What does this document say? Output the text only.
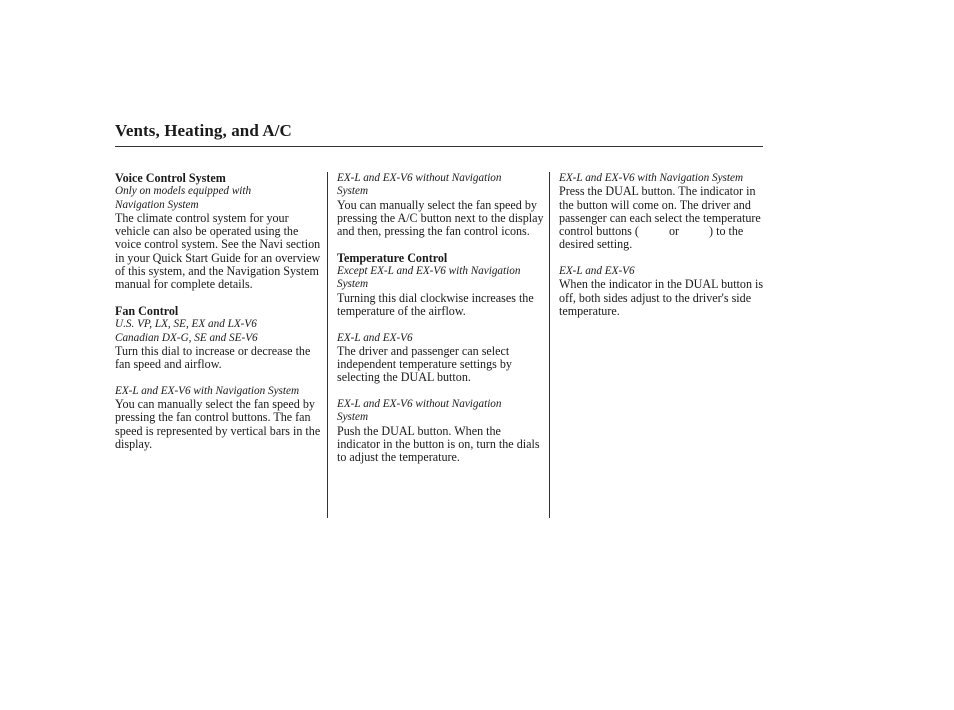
Vents, Heating, and A/C
Voice Control System
Only on models equipped with
Navigation System
The climate control system for your vehicle can also be operated using the voice control system. See the Navi section in your Quick Start Guide for an overview of this system, and the Navigation System manual for complete details.
Fan Control
U.S. VP, LX, SE, EX and LX-V6
Canadian DX-G, SE and SE-V6
Turn this dial to increase or decrease the fan speed and airflow.
EX-L and EX-V6 with Navigation System
You can manually select the fan speed by pressing the fan control buttons. The fan speed is represented by vertical bars in the display.
EX-L and EX-V6 without Navigation
System
You can manually select the fan speed by pressing the A/C button next to the display and then, pressing the fan control icons.
Temperature Control
Except EX-L and EX-V6 with Navigation
System
Turning this dial clockwise increases the temperature of the airflow.
EX-L and EX-V6
The driver and passenger can select independent temperature settings by selecting the DUAL button.
EX-L and EX-V6 without Navigation
System
Push the DUAL button. When the indicator in the button is on, turn the dials to adjust the temperature.
EX-L and EX-V6 with Navigation System
Press the DUAL button. The indicator in the button will come on. The driver and passenger can each select the temperature control buttons ( or ) to the desired setting.
EX-L and EX-V6
When the indicator in the DUAL button is off, both sides adjust to the driver's side temperature.
